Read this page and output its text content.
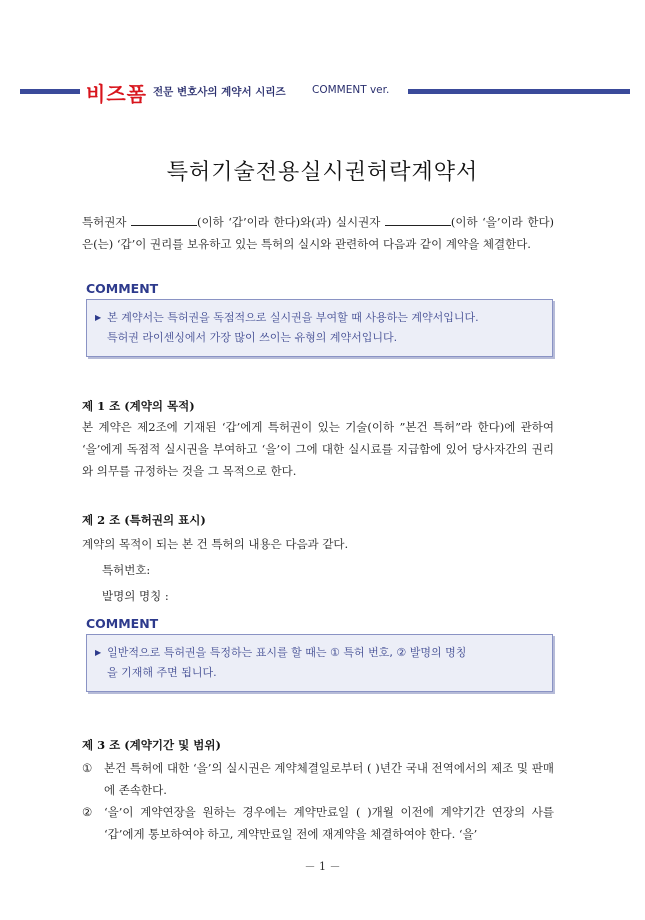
비즈폼 전문 변호사의 계약서 시리즈	COMMENT ver.
특허기술전용실시권허락계약서
특허권자	(이하 ‘갑’이라 한다)와(과) 실시권자	(이하 ‘을’이라 한다)은(는) ‘갑’이 권리를 보유하고 있는 특허의 실시와 관련하여 다음과 같이 계약을 체결한다.
COMMENT
▶ 본 계약서는 특허권을 독점적으로 실시권을 부여할 때 사용하는 계약서입니다.
특허권 라이센싱에서 가장 많이 쓰이는 유형의 계약서입니다.
제 1 조 (계약의 목적)
본 계약은 제2조에 기재된 ‘갑’에게 특허권이 있는 기술(이하 ”본건 특허”라 한다)에 관하여 ‘을’에게 독점적 실시권을 부여하고 ‘을’이 그에 대한 실시료를 지급함에 있어 당사자간의 권리와 의무를 규정하는 것을 그 목적으로 한다.
제 2 조 (특허권의 표시)
계약의 목적이 되는 본 건 특허의 내용은 다음과 같다.
특허번호:
발명의 명칭 :
COMMENT
▶ 일반적으로 특허권을 특정하는 표시를 할 때는 ① 특허 번호, ② 발명의 명칭
을 기재해 주면 됩니다.
제 3 조 (계약기간 및 범위)
①	본건 특허에 대한 ‘을’의 실시권은 계약체결일로부터 ( )년간 국내 전역에서의 제조 및 판매에 존속한다.
②	‘을’이 계약연장을 원하는 경우에는 계약만료일 ( )개월 이전에 계약기간 연장의 사를 ‘갑’에게 통보하여야 하고, 계약만료일 전에 재계약을 체결하여야 한다. ‘을’
－ 1 －
